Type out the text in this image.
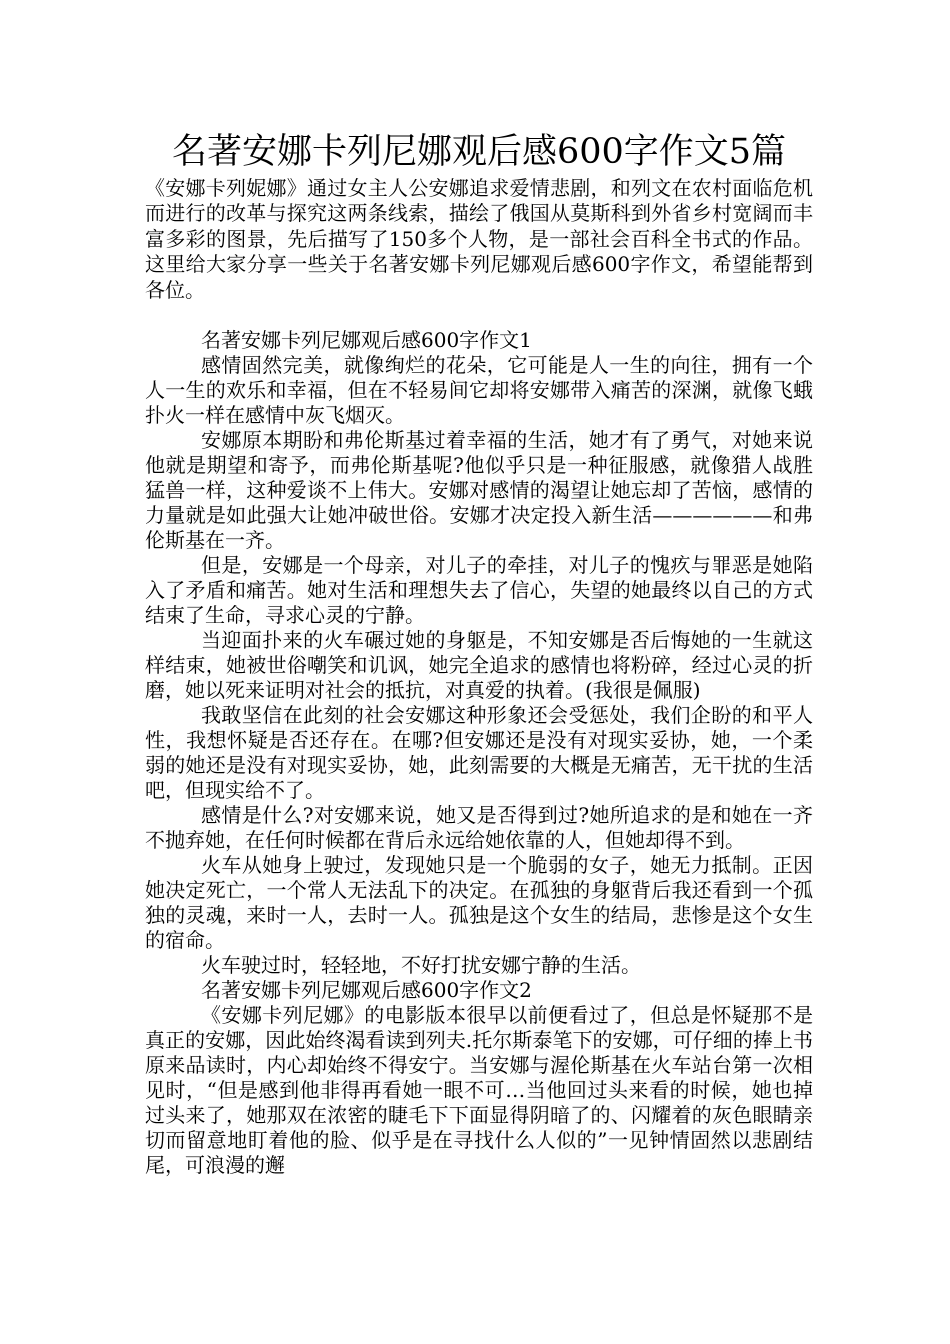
名著安娜卡列尼娜观后感600字作文5篇

《安娜卡列妮娜》通过女主人公安娜追求爱情悲剧，和列文在农村面临危机而进行的改革与探究这两条线索，描绘了俄国从莫斯科到外省乡村宽阔而丰富多彩的图景，先后描写了150多个人物，是一部社会百科全书式的作品。这里给大家分享一些关于名著安娜卡列尼娜观后感600字作文，希望能帮到各位。

名著安娜卡列尼娜观后感600字作文1

感情固然完美，就像绚烂的花朵，它可能是人一生的向往，拥有一个人一生的欢乐和幸福，但在不轻易间它却将安娜带入痛苦的深渊，就像飞蛾扑火一样在感情中灰飞烟灭。

安娜原本期盼和弗伦斯基过着幸福的生活，她才有了勇气，对她来说他就是期望和寄予，而弗伦斯基呢?他似乎只是一种征服感，就像猎人战胜猛兽一样，这种爱谈不上伟大。安娜对感情的渴望让她忘却了苦恼，感情的力量就是如此强大让她冲破世俗。安娜才决定投入新生活——————和弗伦斯基在一齐。

但是，安娜是一个母亲，对儿子的牵挂，对儿子的愧疚与罪恶是她陷入了矛盾和痛苦。她对生活和理想失去了信心，失望的她最终以自己的方式结束了生命，寻求心灵的宁静。

当迎面扑来的火车碾过她的身躯是，不知安娜是否后悔她的一生就这样结束，她被世俗嘲笑和讥讽，她完全追求的感情也将粉碎，经过心灵的折磨，她以死来证明对社会的抵抗，对真爱的执着。(我很是佩服)

我敢坚信在此刻的社会安娜这种形象还会受惩处，我们企盼的和平人性，我想怀疑是否还存在。在哪?但安娜还是没有对现实妥协，她，一个柔弱的她还是没有对现实妥协，她，此刻需要的大概是无痛苦，无干扰的生活吧，但现实给不了。

感情是什么?对安娜来说，她又是否得到过?她所追求的是和她在一齐不抛弃她，在任何时候都在背后永远给她依靠的人，但她却得不到。

火车从她身上驶过，发现她只是一个脆弱的女子，她无力抵制。正因她决定死亡，一个常人无法乱下的决定。在孤独的身躯背后我还看到一个孤独的灵魂，来时一人，去时一人。孤独是这个女生的结局，悲惨是这个女生的宿命。

火车驶过时，轻轻地，不好打扰安娜宁静的生活。

名著安娜卡列尼娜观后感600字作文2

《安娜卡列尼娜》的电影版本很早以前便看过了，但总是怀疑那不是真正的安娜，因此始终渴看读到列夫.托尔斯泰笔下的安娜，可仔细的捧上书原来品读时，内心却始终不得安宁。当安娜与渥伦斯基在火车站台第一次相见时，“但是感到他非得再看她一眼不可…当他回过头来看的时候，她也掉过头来了，她那双在浓密的睫毛下下面显得阴暗了的、闪耀着的灰色眼睛亲切而留意地盯着他的脸、似乎是在寻找什么人似的”一见钟情固然以悲剧结尾，可浪漫的邂
